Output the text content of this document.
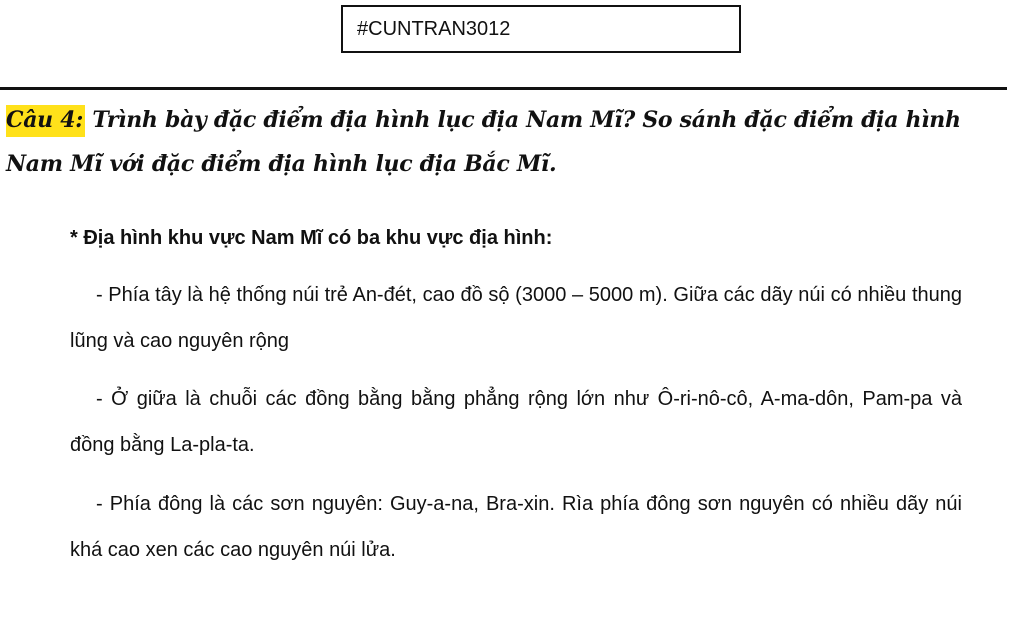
#CUNTRAN3012
Câu 4: Trình bày đặc điểm địa hình lục địa Nam Mĩ? So sánh đặc điểm địa hình Nam Mĩ với đặc điểm địa hình lục địa Bắc Mĩ.
* Địa hình khu vực Nam Mĩ có ba khu vực địa hình:
- Phía tây là hệ thống núi trẻ An-đét, cao đồ sộ (3000 – 5000 m). Giữa các dãy núi có nhiều thung lũng và cao nguyên rộng
- Ở giữa là chuỗi các đồng bằng bằng phẳng rộng lớn như Ô-ri-nô-cô, A-ma-dôn, Pam-pa và đồng bằng La-pla-ta.
- Phía đông là các sơn nguyên: Guy-a-na, Bra-xin. Rìa phía đông sơn nguyên có nhiều dãy núi khá cao xen các cao nguyên núi lửa.
